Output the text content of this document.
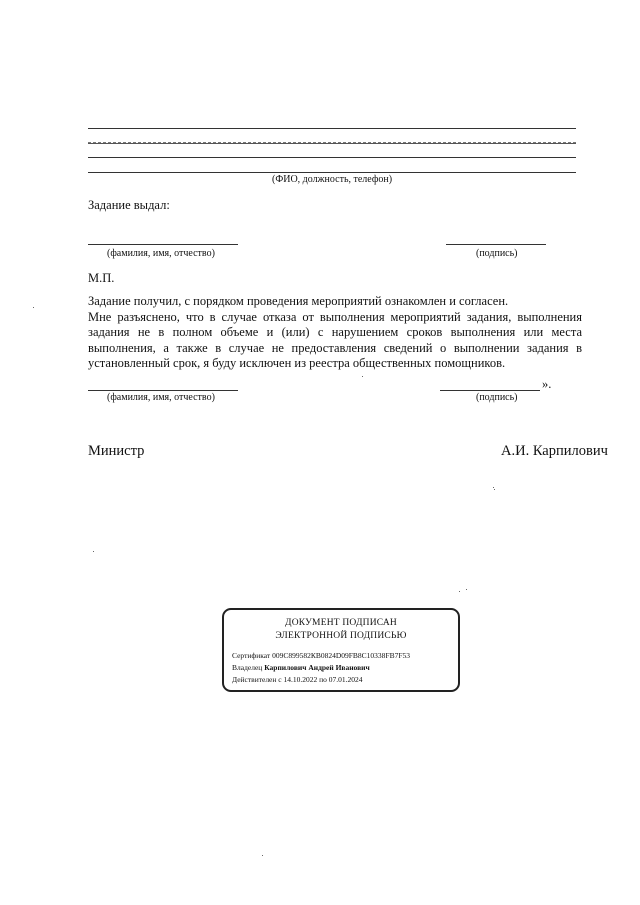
(ФИО, должность, телефон)
Задание выдал:
(фамилия, имя, отчество)	(подпись)
М.П.
Задание получил, с порядком проведения мероприятий ознакомлен и согласен.
Мне разъяснено, что в случае отказа от выполнения мероприятий задания, выполнения
задания не в полном объеме и (или) с нарушением сроков выполнения или места
выполнения, а также в случае не предоставления сведений о выполнении задания в
установленный срок, я буду исключен из реестра общественных помощников.
».
(фамилия, имя, отчество)	(подпись)
Министр	А.И. Карпилович
ДОКУМЕНТ ПОДПИСАН
ЭЛЕКТРОННОЙ ПОДПИСЬЮ
Сертификат 009С899582КВ0824D09FB8C10338FB7F53
Владелец Карпилович Андрей Иванович
Действителен с 14.10.2022 по 07.01.2024
